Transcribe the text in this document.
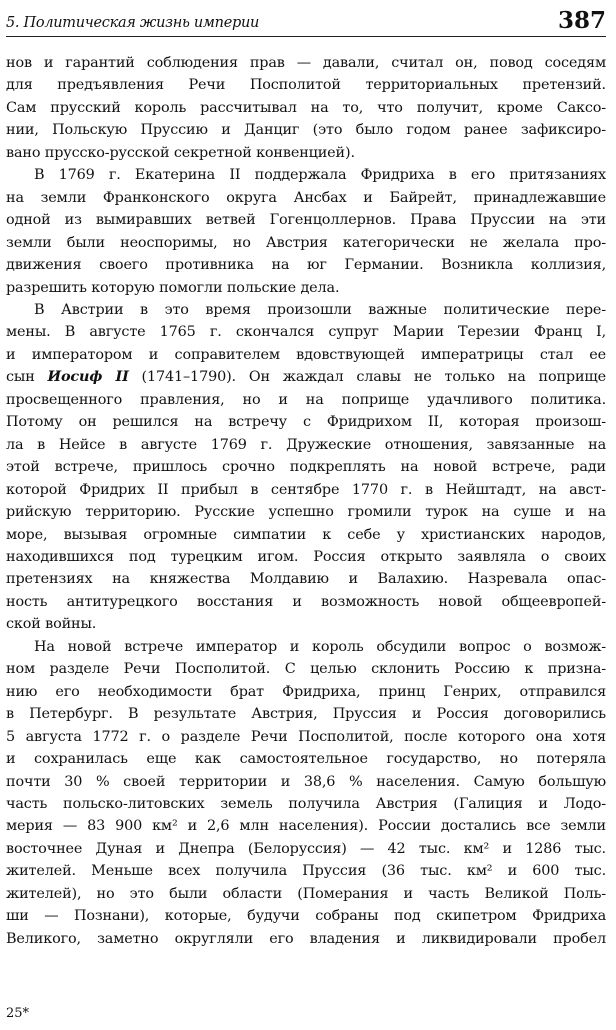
5. Политическая жизнь империи	387
нов и гарантий соблюдения прав — давали, считал он, повод соседям
для предъявления Речи Посполитой территориальных претензий.
Сам прусский король рассчитывал на то, что получит, кроме Саксо-
нии, Польскую Пруссию и Данциг (это было годом ранее зафиксиро-
вано прусско-русской секретной конвенцией).
В 1769 г. Екатерина II поддержала Фридриха в его притязаниях
на земли Франконского округа Ансбах и Байрейт, принадлежавшие
одной из вымиравших ветвей Гогенцоллернов. Права Пруссии на эти
земли были неоспоримы, но Австрия категорически не желала про-
движения своего противника на юг Германии. Возникла коллизия,
разрешить которую помогли польские дела.
В Австрии в это время произошли важные политические пере-
мены. В августе 1765 г. скончался супруг Марии Терезии Франц I,
и императором и соправителем вдовствующей императрицы стал ее
сын Иосиф II (1741–1790). Он жаждал славы не только на поприще
просвещенного правления, но и на поприще удачливого политика.
Потому он решился на встречу с Фридрихом II, которая произош-
ла в Нейсе в августе 1769 г. Дружеские отношения, завязанные на
этой встрече, пришлось срочно подкреплять на новой встрече, ради
которой Фридрих II прибыл в сентябре 1770 г. в Нейштадт, на авст-
рийскую территорию. Русские успешно громили турок на суше и на
море, вызывая огромные симпатии к себе у христианских народов,
находившихся под турецким игом. Россия открыто заявляла о своих
претензиях на княжества Молдавию и Валахию. Назревала опас-
ность антитурецкого восстания и возможность новой общеевропей-
ской войны.
На новой встрече император и король обсудили вопрос о возмож-
ном разделе Речи Посполитой. С целью склонить Россию к призна-
нию его необходимости брат Фридриха, принц Генрих, отправился
в Петербург. В результате Австрия, Пруссия и Россия договорились
5 августа 1772 г. о разделе Речи Посполитой, после которого она хотя
и сохранилась еще как самостоятельное государство, но потеряла
почти 30 % своей территории и 38,6 % населения. Самую большую
часть польско-литовских земель получила Австрия (Галиция и Лодо-
мерия — 83 900 км² и 2,6 млн населения). России достались все земли
восточнее Дуная и Днепра (Белоруссия) — 42 тыс. км² и 1286 тыс.
жителей. Меньше всех получила Пруссия (36 тыс. км² и 600 тыс.
жителей), но это были области (Померания и часть Великой Поль-
ши — Познани), которые, будучи собраны под скипетром Фридриха
Великого, заметно округляли его владения и ликвидировали пробел
25*
